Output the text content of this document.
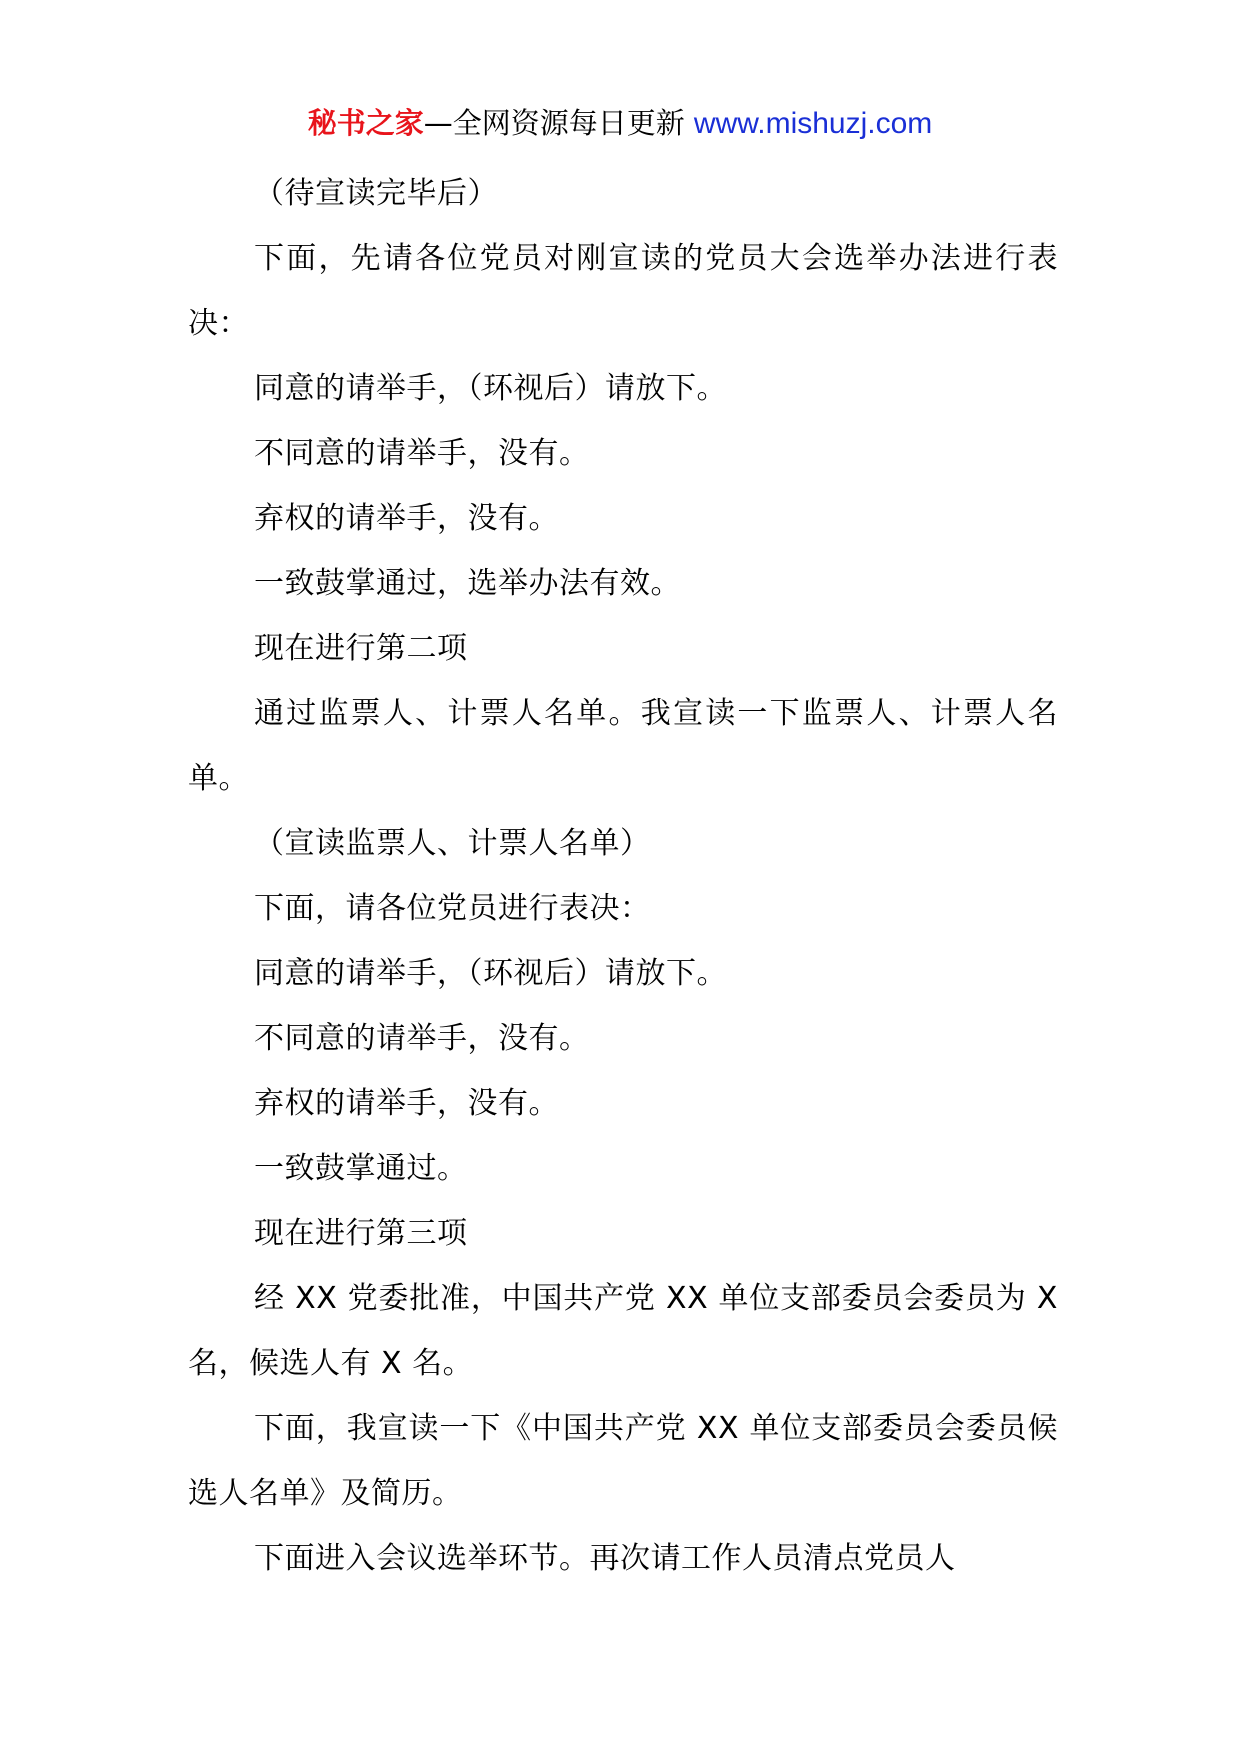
秘书之家—全网资源每日更新 www.mishuzj.com

（待宣读完毕后）

下面，先请各位党员对刚宣读的党员大会选举办法进行表决：

同意的请举手，（环视后）请放下。

不同意的请举手，没有。

弃权的请举手，没有。

一致鼓掌通过，选举办法有效。

现在进行第二项

通过监票人、计票人名单。我宣读一下监票人、计票人名单。

（宣读监票人、计票人名单）

下面，请各位党员进行表决：

同意的请举手，（环视后）请放下。

不同意的请举手，没有。

弃权的请举手，没有。

一致鼓掌通过。

现在进行第三项

经 XX 党委批准，中国共产党 XX 单位支部委员会委员为 X 名，候选人有 X 名。

下面，我宣读一下《中国共产党 XX 单位支部委员会委员候选人名单》及简历。

下面进入会议选举环节。再次请工作人员清点党员人
